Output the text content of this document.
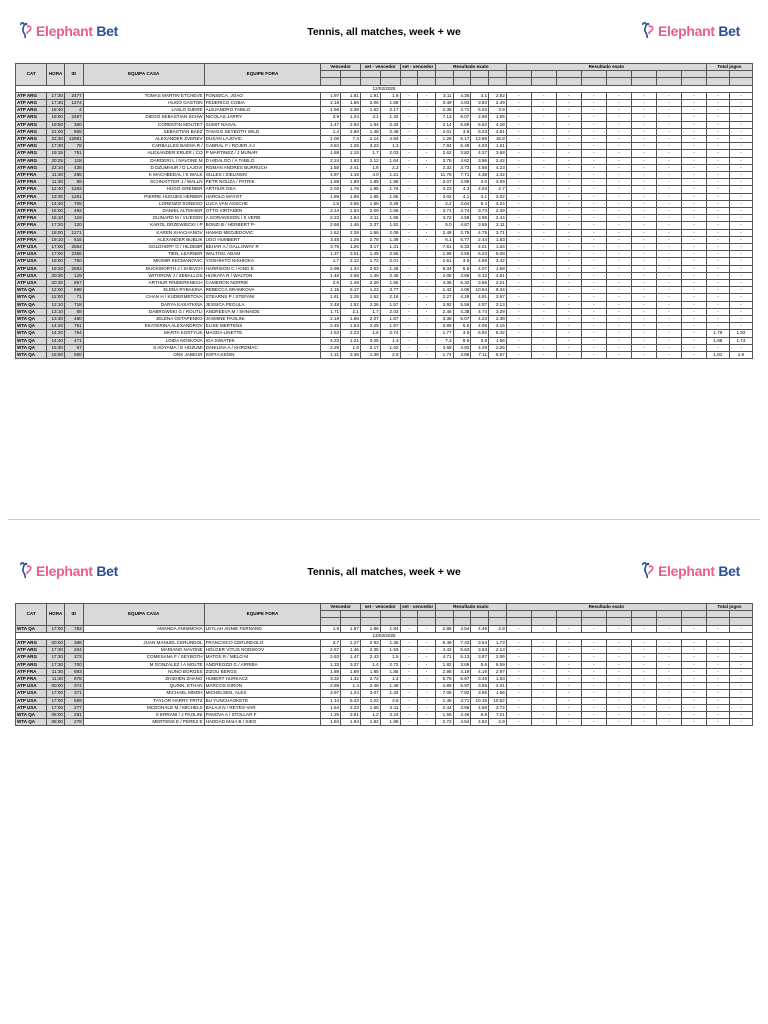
Elephant Bet	Tennis, all matches, week + we	Elephant Bet
CAT	HORA	ID	EQUIPA CASA	EQUIPE FORA	Vencedor		set - vencedor		set - vencedor		Resultado exato				Resultado exato								Total jogos	

12/02/2025																								
ATP ARG	17:30	2477	TOMAS MARTIN ETCHEVE	FONSECA, JOAO	1.97	1.81	1.91	1.8	-	-	3.11	4.35	4.1	2.82	-	-	-	-	-	-	-	-	-	-
ATP ARG	17:30	1274	HUGO GASTON	FEDERICO COBIA	2.18	1.66	2.06	1.68	-	-	3.49	4.83	3.93	2.49	-	-	-	-	-	-	-	-	-	-
ATP ARG	18:40	4	LASLO DJERE	ALEJANDRO TABILO	1.56	2.39	1.62	2.17	-	-	2.35	3.71	5.02	3.9	-	-	-	-	-	-	-	-	-	-
ATP ARG	19:00	2487	DIEGO SEBASTIAN SCHW	NICOLAS JARRY	3.9	1.24	3.1	1.32	-	-	7.13	8.07	2.58	1.65	-	-	-	-	-	-	-	-	-	-
ATP ARG	19:50	360	CORENTIN MOUTET	SUMIT NAGAL	1.47	2.63	1.54	2.33	-	-	2.14	5.69	5.62	4.28	-	-	-	-	-	-	-	-	-	-
ATP ARG	21:00	805	SEBASTIAN BAEZ	THIAGO SEYBOTH WILD	1.4	2.88	1.48	2.48	-	-	2.01	3.6	6.03	4.81	-	-	-	-	-	-	-	-	-	-
ATP ARG	22:30	12991	ALEXANDER ZVEREV	DUSAN LAJOVIC	1.08	7.4	1.14	4.94	-	-	1.28	6.17	13.88	16.8	-	-	-	-	-	-	-	-	-	-
ATP ARG	17:30	78	CARBALLES BAENA R /	CABRAL F / ROJER J-J	3.84	1.25	3.23	1.3	-	-	7.84	6.49	4.03	1.61	-	-	-	-	-	-	-	-	-	-
ATP ARG	19:15	751	ALEXANDER ERLER / CO	P MARTINEZ / J MUNAR	1.68	2.15	1.7	2.03	-	-	2.62	3.82	4.27	3.68	-	-	-	-	-	-	-	-	-	-
ATP ARG	20:25	118	DARDERI L / NAVONE M	D HIDALGO / A TABILO	2.24	1.63	2.12	1.64	-	-	3.75	4.62	3.96	2.42	-	-	-	-	-	-	-	-	-	-
ATP ARG	22:10	438	D DZUMHUR / D LAJOVI	ROMAN ANDRES BURRUCH	1.55	2.41	1.6	2.2	-	-	2.32	3.73	4.56	4.23	-	-	-	-	-	-	-	-	-	-
ATP FRA	11:30	285	K MACHBEDAL / S WALK	GILLES / ZIELINSKI	4.97	1.16	4.0	1.21	-	-	11.76	7.71	4.38	1.42	-	-	-	-	-	-	-	-	-	-
ATP FRA	11:30	89	SCHNAITTER J / WALLN	PETR NOUZA / PATRIK	1.88	1.89	1.85	1.86	-	-	3.07	3.99	4.0	3.09	-	-	-	-	-	-	-	-	-	-
ATP FRA	12:40	1263	HUGO GRENIER	ARTHUR GEA	2.03	1.76	1.95	1.76	-	-	3.23	4.3	4.03	2.7	-	-	-	-	-	-	-	-	-	-
ATP FRA	13:30	1251	PIERRE HUGUES HERBER	HAROLD MAYOT	1.89	1.89	1.85	1.85	-	-	3.02	4.1	4.1	3.02	-	-	-	-	-	-	-	-	-	-
ATP FRA	14:40	705	LORENZO SONEGO	LUCA VAN ASSCHE	1.5	2.55	1.56	2.28	-	-	2.2	3.64	5.4	4.24	-	-	-	-	-	-	-	-	-	-
ATP FRA	15:00	492	DANIEL ALTMAIER	OTTO VIRTANEN	2.24	1.63	2.09	1.66	-	-	3.71	4.74	3.73	2.49	-	-	-	-	-	-	-	-	-	-
ATP FRA	16:10	119	GUINARD M / VLIEGEN	A GORANSSON / S VERB	2.23	1.64	2.11	1.65	-	-	3.72	4.58	3.96	2.44	-	-	-	-	-	-	-	-	-	-
ATP FRA	17:20	120	KAROL DRZEWIECKI / P	BONZI B / HERBERT P-	2.68	1.46	2.37	1.52	-	-	5.0	4.87	3.69	2.11	-	-	-	-	-	-	-	-	-	-
ATP FRA	18:00	1271	KAREN KHACHANOV	HAMAD MEDJEDOVIC	1.62	2.26	1.66	2.09	-	-	2.49	3.75	4.75	3.71	-	-	-	-	-	-	-	-	-	-
ATP FRA	19:10	515	ALEXANDER BUBLIK	UGO HUMBERT	3.48	1.29	2.78	1.39	-	-	6.1	6.77	2.44	1.83	-	-	-	-	-	-	-	-	-	-
ATP USA	17:00	2554	GOLDHOFF G / HILDEBR	BEHAR A / GALLOWAY R	3.75	1.26	3.17	1.31	-	-	7.61	6.33	4.01	1.64	-	-	-	-	-	-	-	-	-	-
ATP USA	17:00	2356	TIEN, LEARNER	WALTON, ADAM	1.37	3.01	1.45	2.55	-	-	1.95	3.56	6.23	5.08	-	-	-	-	-	-	-	-	-	-
ATP USA	19:00	750	MIOMIR KECMANOVIC	YOSHIHITO NISHIOKA	1.7	2.12	1.72	2.01	-	-	2.61	3.9	4.59	3.42	-	-	-	-	-	-	-	-	-	-
ATP USA	19:20	2553	DUCKWORTH J / SHEVCH	HARRISON C / KING E	2.99	1.34	3.53	1.28	-	-	8.34	6.6	4.07	1.58	-	-	-	-	-	-	-	-	-	-
ATP USA	20:30	129	WITHROW J / ZEBALLOS	HIJIKATA R / WALTON	1.46	2.68	1.49	2.45	-	-	2.08	3.86	5.13	4.81	-	-	-	-	-	-	-	-	-	-
ATP USA	20:30	857	ARTHUR RINDERKNECH	CAMERON NORRIE	2.6	1.48	2.29	1.55	-	-	4.35	5.32	3.56	2.21	-	-	-	-	-	-	-	-	-	-
WTA QA	12:00	698	ELENA RYBAKINA	REBECCA SRAMKOVA	1.15	5.17	1.23	3.77	-	-	1.42	4.06	10.64	9.34	-	-	-	-	-	-	-	-	-	-
WTA QA	12:00	71	CHAN H / KUDERMETOVA	STEARNS P / STEFANI	1.61	2.28	1.62	2.16	-	-	2.27	4.29	4.91	3.67	-	-	-	-	-	-	-	-	-	-
WTA QA	12:10	718	DARYA KASATKINA	JESSICA PEGULA	2.48	1.52	2.26	1.57	-	-	3.92	5.56	4.07	2.13	-	-	-	-	-	-	-	-	-	-
WTA QA	13:10	68	DABROWSKI G / ROUTLI	ANDREEVA M / SHNAIDE	1.71	2.1	1.7	2.03	-	-	2.46	4.38	4.74	3.29	-	-	-	-	-	-	-	-	-	-
WTA QA	13:30	480	JELENA OSTAPENKO	JASMINE PAOLINI	2.19	1.66	2.07	1.67	-	-	3.38	5.07	4.23	2.38	-	-	-	-	-	-	-	-	-	-
WTA QA	14:20	751	EKATERINA ALEXANDROV	ELISE MERTENS	2.45	1.53	2.25	1.57	-	-	3.89	5.5	4.06	2.15	-	-	-	-	-	-	-	-	-	-
WTA QA	14:20	754	MARTA KOSTYUK	MAGDA LINETTE	1.53	2.23	1.6	2.74	-	-	1.77	3.9	6.92	5.42	-	-	-	-	-	-	-	-	1.79	1.92
WTA QA	14:40	471	LINDA NOSKOVA	IGA SWIATEK	4.23	1.21	3.25	1.3	-	-	7.3	8.6	3.9	1.56	-	-	-	-	-	-	-	-	1.88	1.74
WTA QA	15:30	67	S AOYAMA / E HOZUMI	DANILINA A / KHROMAC	2.29	1.6	2.17	1.62	-	-	3.68	4.92	4.29	2.26	-	-	-	-	-	-	-	-	-	-
WTA QA	15:50	560	ONS JABEUR	SOFIA KENIN	1.31	3.36	1.38	2.8	-	-	1.74	3.88	7.11	5.67	-	-	-	-	-	-	-	-	1.81	1.9
Elephant Bet	Tennis, all matches, week + we	Elephant Bet
CAT	HORA	ID	EQUIPA CASA	EQUIPE FORA	Vencedor		set - vencedor		set - vencedor		Resultado exato				Resultado exato								Total jogos	

WTA QA	17:00	783	AMANDA ANISIMOVA	LEYLAH ANNIE FERNAND	1.9	1.87	1.86	1.84	-	-	2.86	4.54	4.49	2.8	-	-	-	-	-	-	-	-	-	-
13/02/2025																								
ATP ARG	00:00	368	JUAN MANUEL CERUNDOL	FRANCISCO CERUNDOLO	3.7	1.27	2.93	1.35	-	-	6.49	7.43	3.54	1.73	-	-	-	-	-	-	-	-	-	-
ATP ARG	17:30	204	MARIANO NAVONE	HOLGER VITUS NODSKOV	2.67	1.46	2.35	1.53	-	-	4.42	5.63	3.63	2.13	-	-	-	-	-	-	-	-	-	-
ATP ARG	17:30	373	COMESANA F / SEYBOTH	MATOS R / MELO M	2.63	1.47	2.43	1.5	-	-	4.71	5.13	3.87	2.06	-	-	-	-	-	-	-	-	-	-
ATP ARG	17:30	700	M GONZALEZ / A MOLTE	ANDREOZZI G / ARRIBA	1.33	3.27	1.4	2.72	-	-	1.82	3.69	5.6	6.59	-	-	-	-	-	-	-	-	-	-
ATP FRA	11:30	693	NUNO BORGES	ZIZOU BERGS	1.89	1.89	1.85	1.85	-	-	2.98	4.19	4.19	2.97	-	-	-	-	-	-	-	-	-	-
ATP FRA	11:30	878	ZHIZHEN ZHANG	HUBERT HURKACZ	3.32	1.32	2.72	1.4	-	-	5.76	6.67	3.49	1.83	-	-	-	-	-	-	-	-	-	-
ATP USA	00:00	374	QUINN, ETHAN	MARCOS GIRON	2.89	1.4	2.48	1.48	-	-	4.89	5.97	3.55	2.01	-	-	-	-	-	-	-	-	-	-
ATP USA	17:00	371	MICHAEL MMOH	MICHELSEN, ALEX	3.97	1.24	3.07	1.33	-	-	7.06	7.92	3.56	1.66	-	-	-	-	-	-	-	-	-	-
ATP USA	17:00	859	TAYLOR HARRY FRITZ	BU YUNCHAOKETE	1.14	5.43	1.22	3.8	-	-	1.45	3.71	10.15	10.62	-	-	-	-	-	-	-	-	-	-
ATP USA	17:00	277	MCDONALD M / MICHELS	BALAJI N / REYES-VAR	1.64	2.23	1.65	2.11	-	-	2.44	3.96	4.58	3.72	-	-	-	-	-	-	-	-	-	-
WTA QA	08:00	281	S ERRANI / J PAOLINI	PANOVA A / STOLLAR F	1.25	3.81	1.2	3.24	-	-	1.56	4.46	6.8	7.21	-	-	-	-	-	-	-	-	-	-
WTA QA	08:00	278	MERTENS E / PEREZ E	HADDAD MAIA B / SIEG	1.84	1.94	1.82	1.89	-	-	2.72	4.54	4.62	2.9	-	-	-	-	-	-	-	-	-	-
